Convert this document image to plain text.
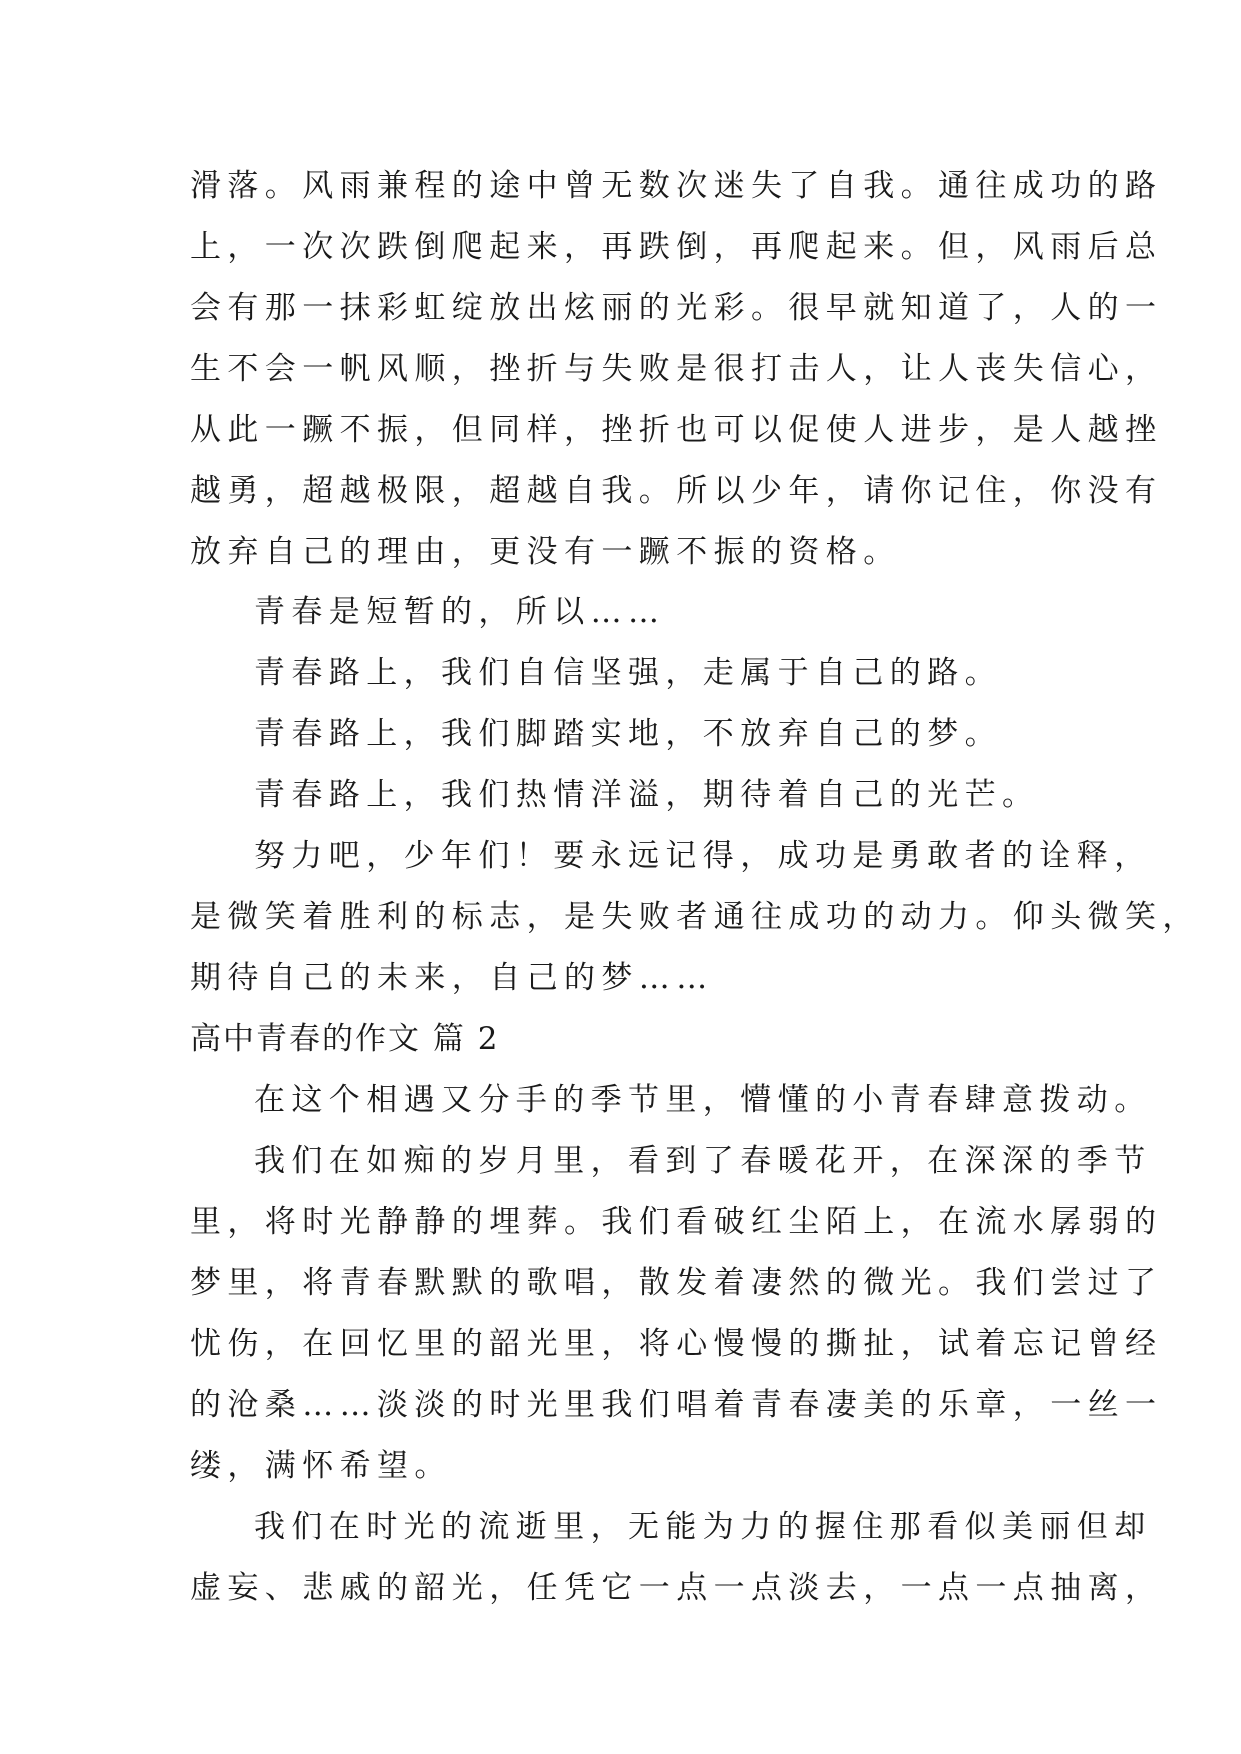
滑落。风雨兼程的途中曾无数次迷失了自我。通往成功的路
上，一次次跌倒爬起来，再跌倒，再爬起来。但，风雨后总
会有那一抹彩虹绽放出炫丽的光彩。很早就知道了，人的一
生不会一帆风顺，挫折与失败是很打击人，让人丧失信心，
从此一蹶不振，但同样，挫折也可以促使人进步，是人越挫
越勇，超越极限，超越自我。所以少年，请你记住，你没有
放弃自己的理由，更没有一蹶不振的资格。
青春是短暂的，所以……
青春路上，我们自信坚强，走属于自己的路。
青春路上，我们脚踏实地，不放弃自己的梦。
青春路上，我们热情洋溢，期待着自己的光芒。
努力吧，少年们！要永远记得，成功是勇敢者的诠释，
是微笑着胜利的标志，是失败者通往成功的动力。仰头微笑，
期待自己的未来，自己的梦……
高中青春的作文 篇 2
在这个相遇又分手的季节里，懵懂的小青春肆意拨动。
我们在如痴的岁月里，看到了春暖花开，在深深的季节
里，将时光静静的埋葬。我们看破红尘陌上，在流水孱弱的
梦里，将青春默默的歌唱，散发着凄然的微光。我们尝过了
忧伤，在回忆里的韶光里，将心慢慢的撕扯，试着忘记曾经
的沧桑……淡淡的时光里我们唱着青春凄美的乐章，一丝一
缕，满怀希望。
我们在时光的流逝里，无能为力的握住那看似美丽但却
虚妄、悲戚的韶光，任凭它一点一点淡去，一点一点抽离，
